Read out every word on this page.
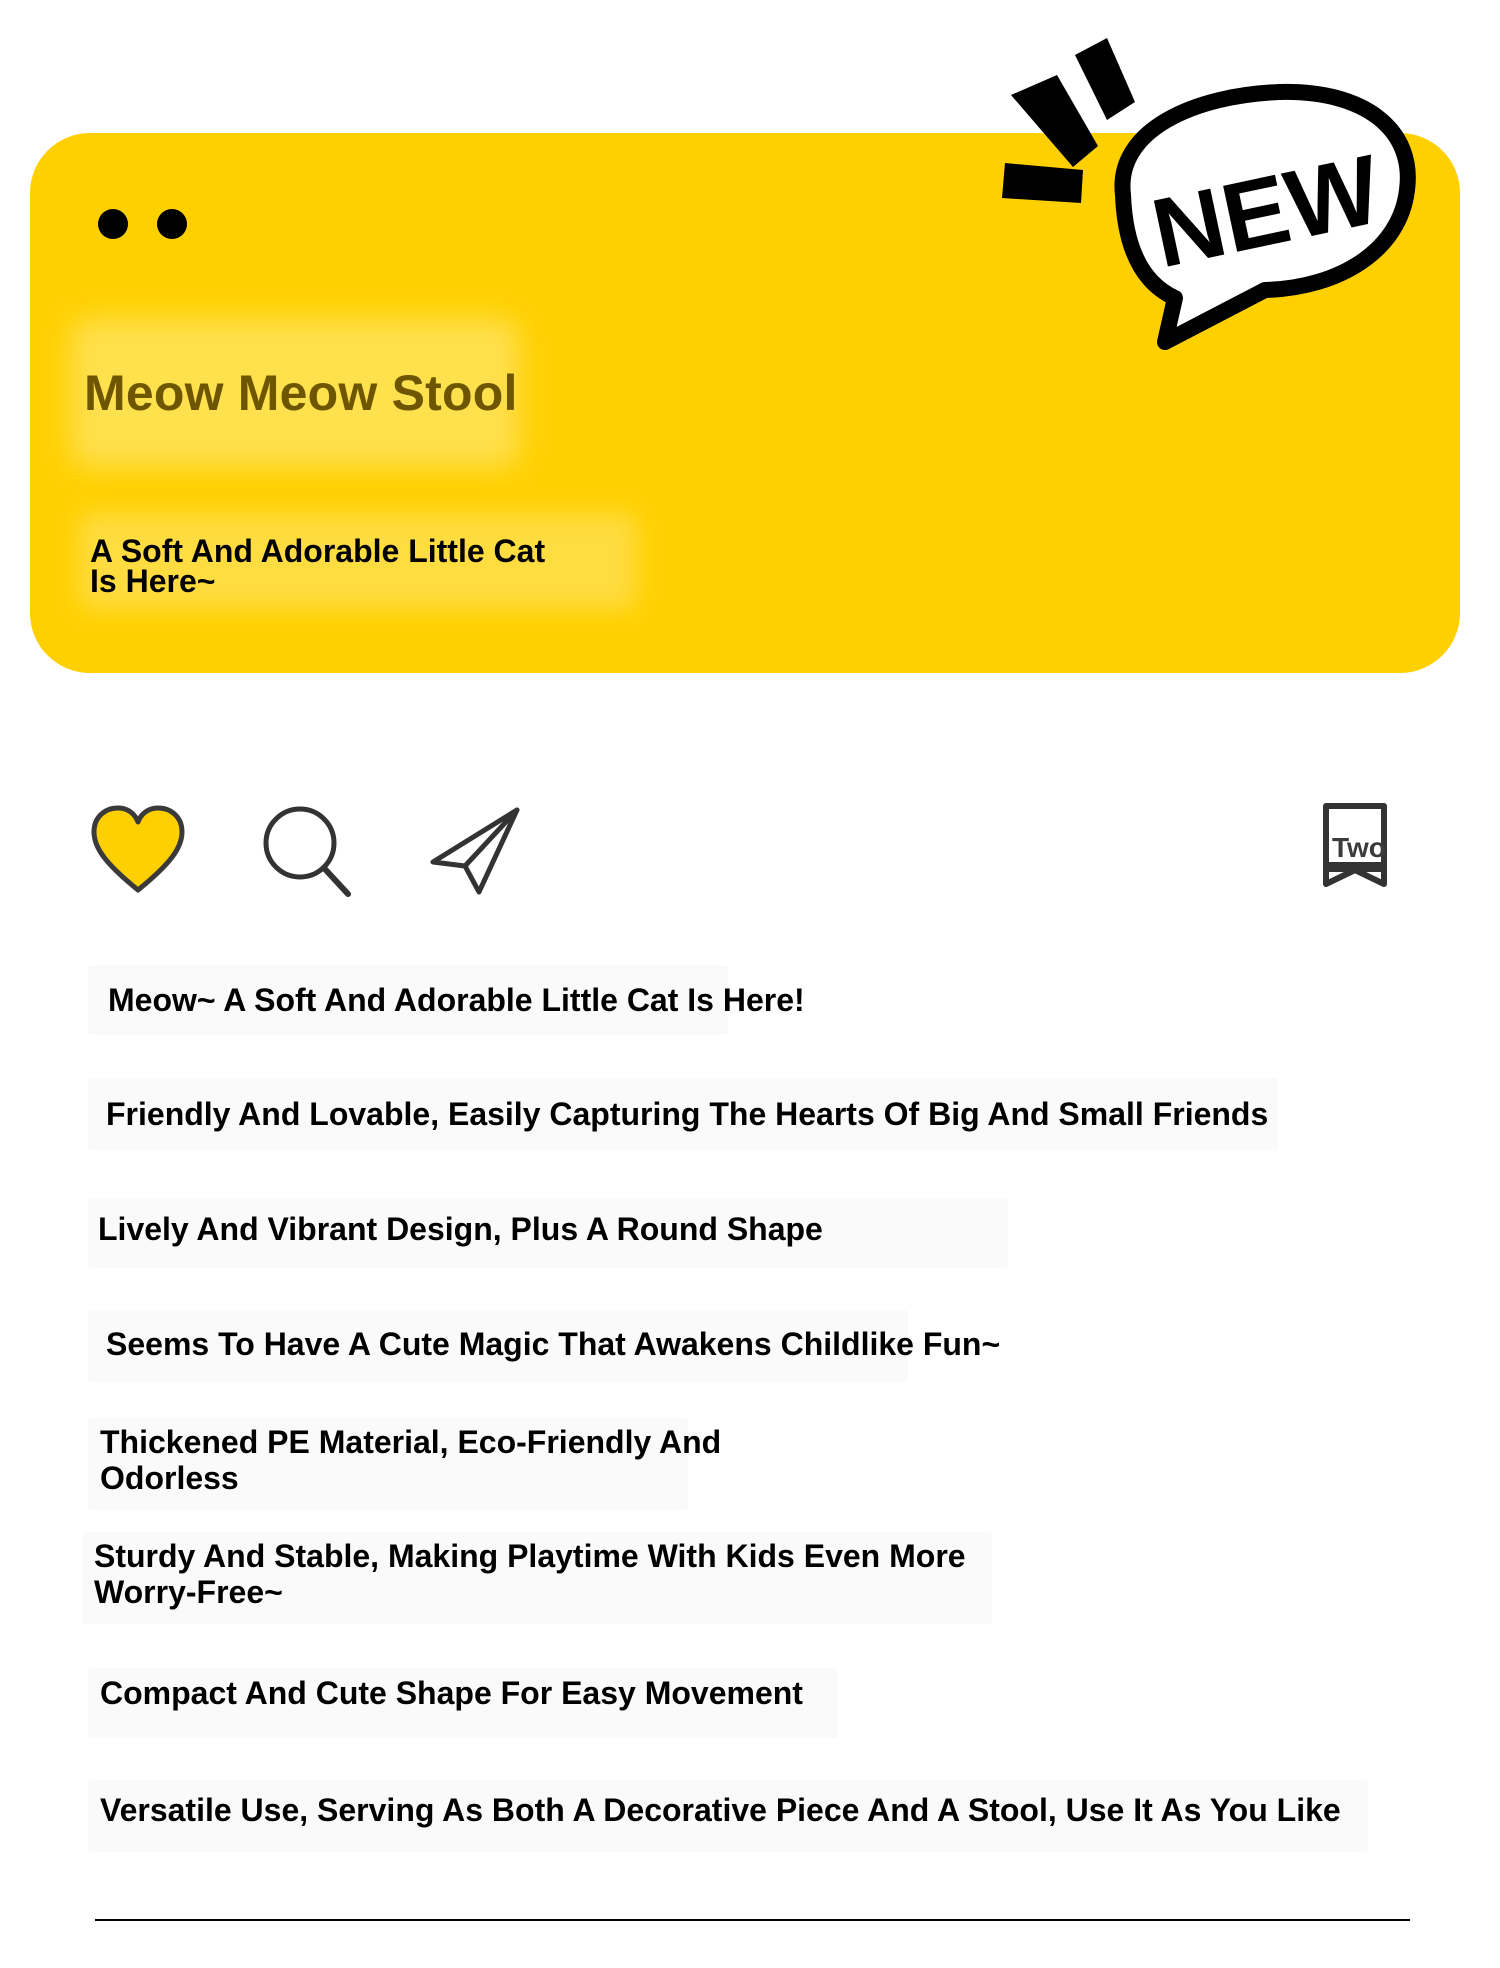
Meow Meow Stool
A Soft And Adorable Little Cat Is Here~
NEW
Two
Meow~ A Soft And Adorable Little Cat Is Here!
Friendly And Lovable, Easily Capturing The Hearts Of Big And Small Friends
Lively And Vibrant Design, Plus A Round Shape
Seems To Have A Cute Magic That Awakens Childlike Fun~
Thickened PE Material, Eco-Friendly And Odorless
Sturdy And Stable, Making Playtime With Kids Even More Worry-Free~
Compact And Cute Shape For Easy Movement
Versatile Use, Serving As Both A Decorative Piece And A Stool, Use It As You Like
